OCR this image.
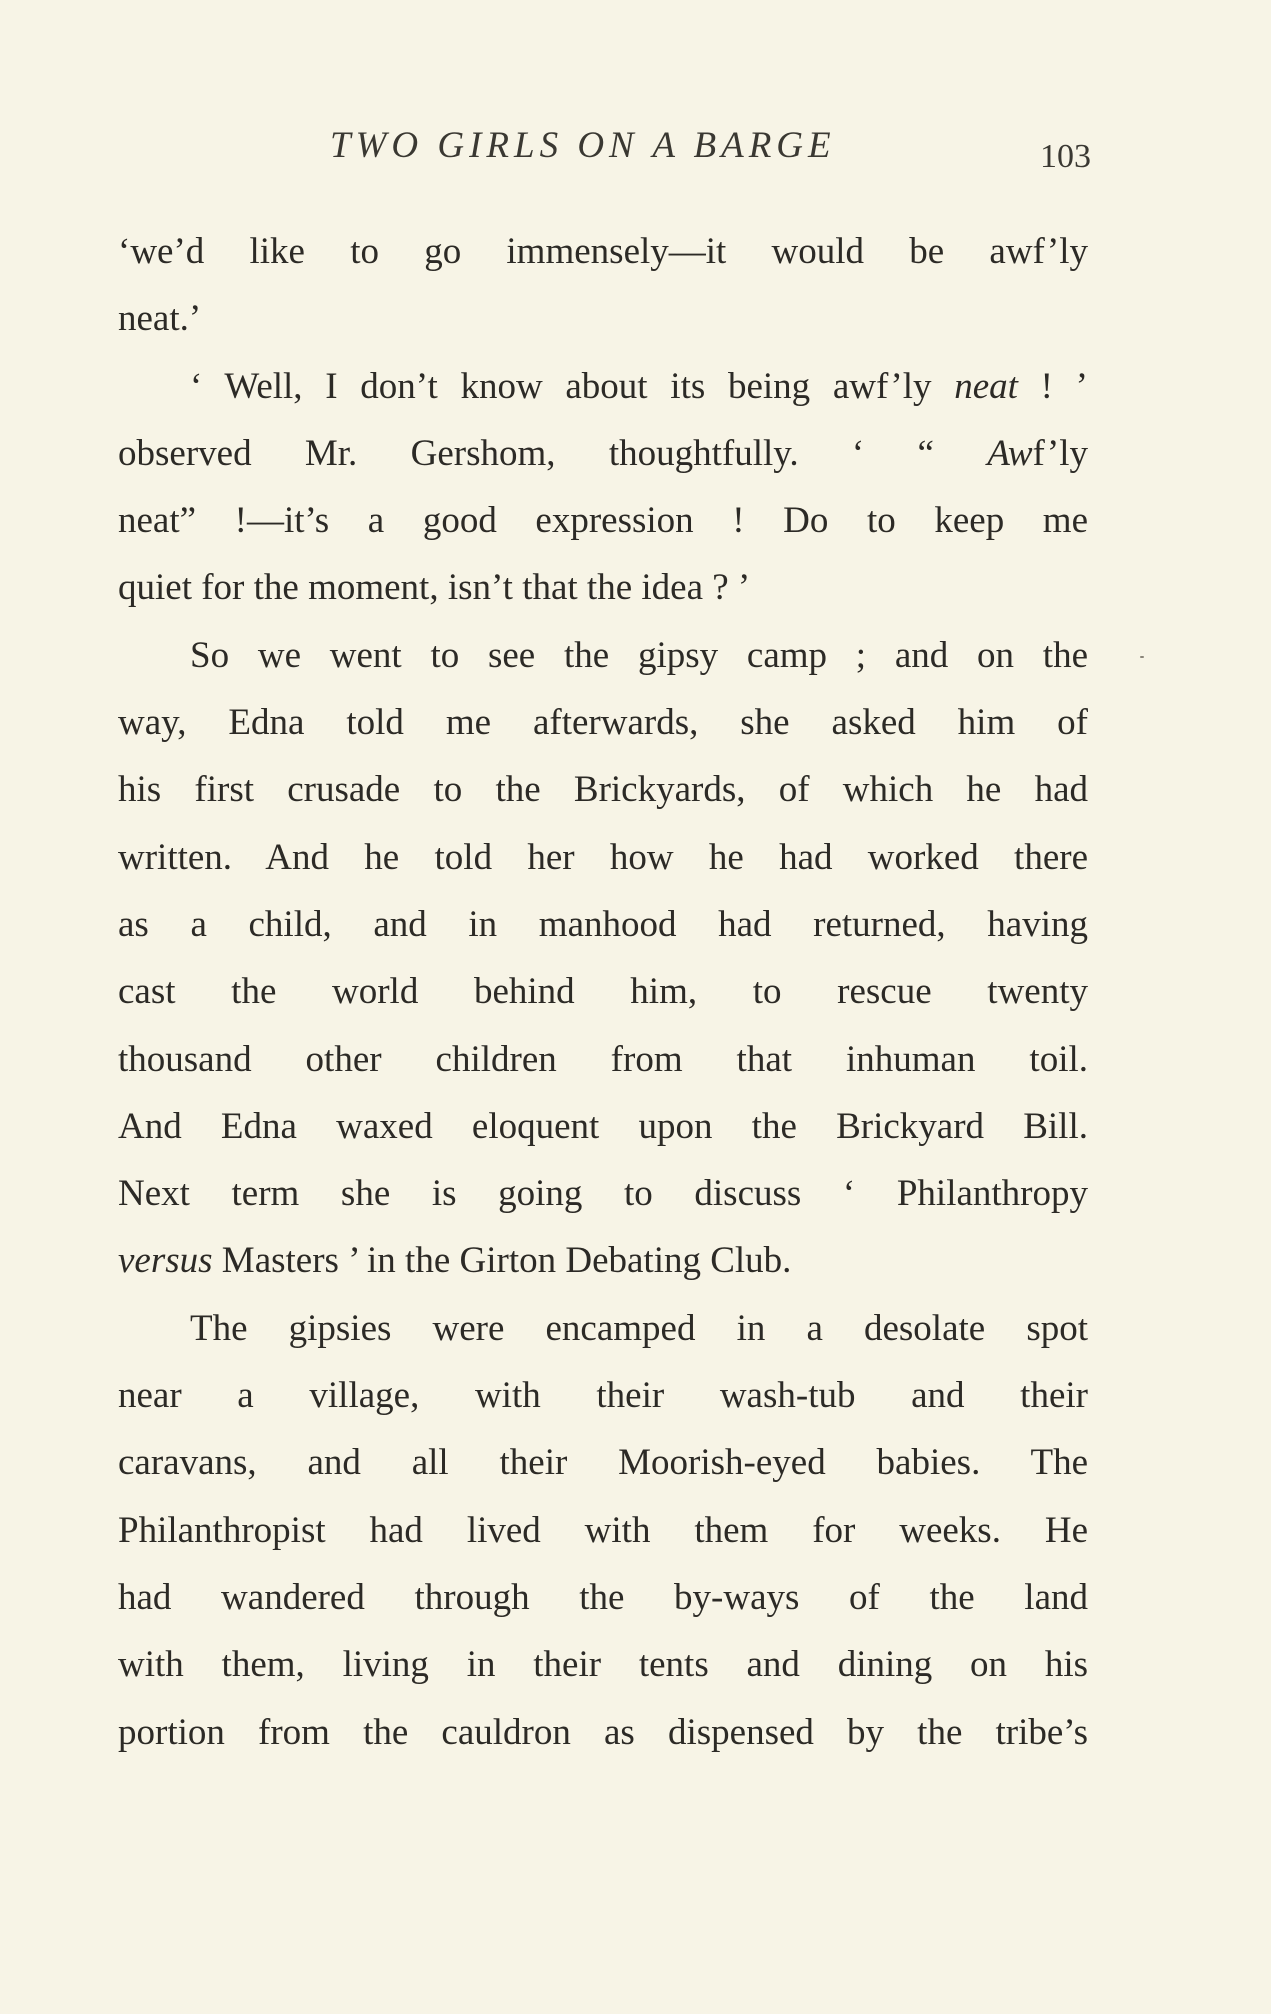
TWO GIRLS ON A BARGE	103
‘we’d like to go immensely—it would be awf’ly
neat.’
‘ Well, I don’t know about its being awf’ly neat ! ’
observed Mr. Gershom, thoughtfully. ‘ “ Awf’ly
neat” !—it’s a good expression ! Do to keep me
quiet for the moment, isn’t that the idea ? ’
So we went to see the gipsy camp ; and on the
way, Edna told me afterwards, she asked him of
his first crusade to the Brickyards, of which he had
written. And he told her how he had worked there
as a child, and in manhood had returned, having
cast the world behind him, to rescue twenty
thousand other children from that inhuman toil.
And Edna waxed eloquent upon the Brickyard Bill.
Next term she is going to discuss ‘ Philanthropy
versus Masters ’ in the Girton Debating Club.
The gipsies were encamped in a desolate spot
near a village, with their wash-tub and their
caravans, and all their Moorish-eyed babies. The
Philanthropist had lived with them for weeks. He
had wandered through the by-ways of the land
with them, living in their tents and dining on his
portion from the cauldron as dispensed by the tribe’s
